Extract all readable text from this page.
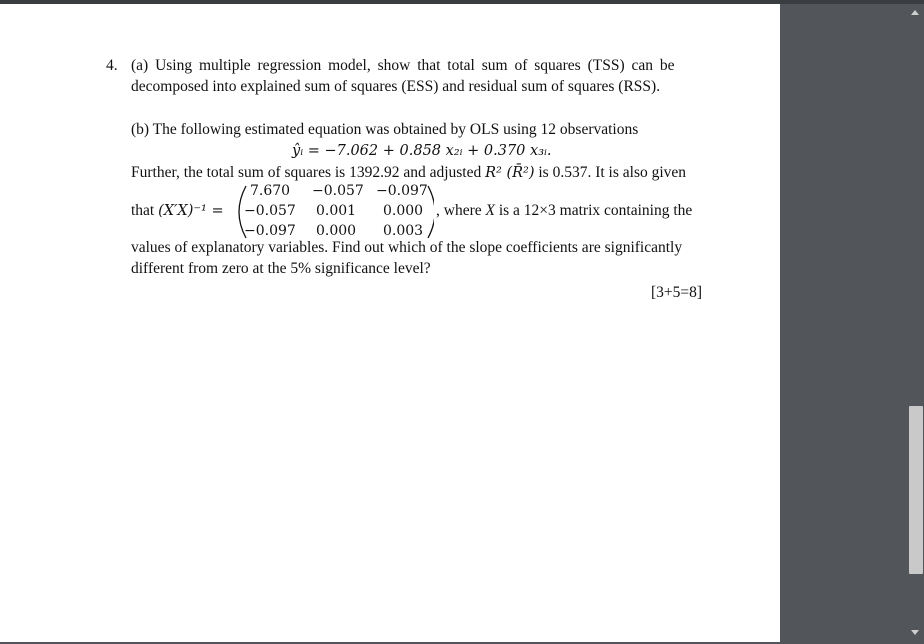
4. (a) Using multiple regression model, show that total sum of squares (TSS) can be
decomposed into explained sum of squares (ESS) and residual sum of squares (RSS).
(b) The following estimated equation was obtained by OLS using 12 observations
ŷᵢ = −7.062 + 0.858 x₂ᵢ + 0.370 x₃ᵢ.
Further, the total sum of squares is 1392.92 and adjusted R² (R̄²) is 0.537. It is also given
that (X′X)⁻¹ =
7.670 −0.057 −0.097
−0.057 0.001 0.000
−0.097 0.000 0.003
, where X is a 12×3 matrix containing the
values of explanatory variables. Find out which of the slope coefficients are significantly
different from zero at the 5% significance level?
[3+5=8]
